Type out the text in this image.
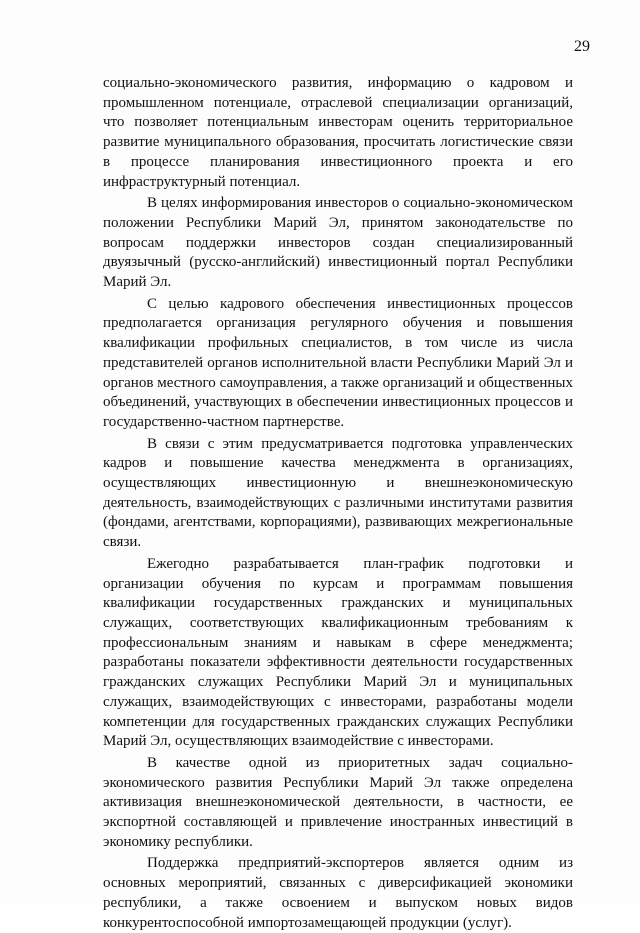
29

социально-экономического развития, информацию о кадровом и промышленном потенциале, отраслевой специализации организаций, что позволяет потенциальным инвесторам оценить территориальное развитие муниципального образования, просчитать логистические связи в процессе планирования инвестиционного проекта и его инфраструктурный потенциал.

В целях информирования инвесторов о социально-экономическом положении Республики Марий Эл, принятом законодательстве по вопросам поддержки инвесторов создан специализированный двуязычный (русско-английский) инвестиционный портал Республики Марий Эл.

С целью кадрового обеспечения инвестиционных процессов предполагается организация регулярного обучения и повышения квалификации профильных специалистов, в том числе из числа представителей органов исполнительной власти Республики Марий Эл и органов местного самоуправления, а также организаций и общественных объединений, участвующих в обеспечении инвестиционных процессов и государственно-частном партнерстве.

В связи с этим предусматривается подготовка управленческих кадров и повышение качества менеджмента в организациях, осуществляющих инвестиционную и внешнеэкономическую деятельность, взаимодействующих с различными институтами развития (фондами, агентствами, корпорациями), развивающих межрегиональные связи.

Ежегодно разрабатывается план-график подготовки и организации обучения по курсам и программам повышения квалификации государственных гражданских и муниципальных служащих, соответствующих квалификационным требованиям к профессиональным знаниям и навыкам в сфере менеджмента; разработаны показатели эффективности деятельности государственных гражданских служащих Республики Марий Эл и муниципальных служащих, взаимодействующих с инвесторами, разработаны модели компетенции для государственных гражданских служащих Республики Марий Эл, осуществляющих взаимодействие с инвесторами.

В качестве одной из приоритетных задач социально-экономического развития Республики Марий Эл также определена активизация внешнеэкономической деятельности, в частности, ее экспортной составляющей и привлечение иностранных инвестиций в экономику республики.

Поддержка предприятий-экспортеров является одним из основных мероприятий, связанных с диверсификацией экономики республики, а также освоением и выпуском новых видов конкурентоспособной импортозамещающей продукции (услуг).
